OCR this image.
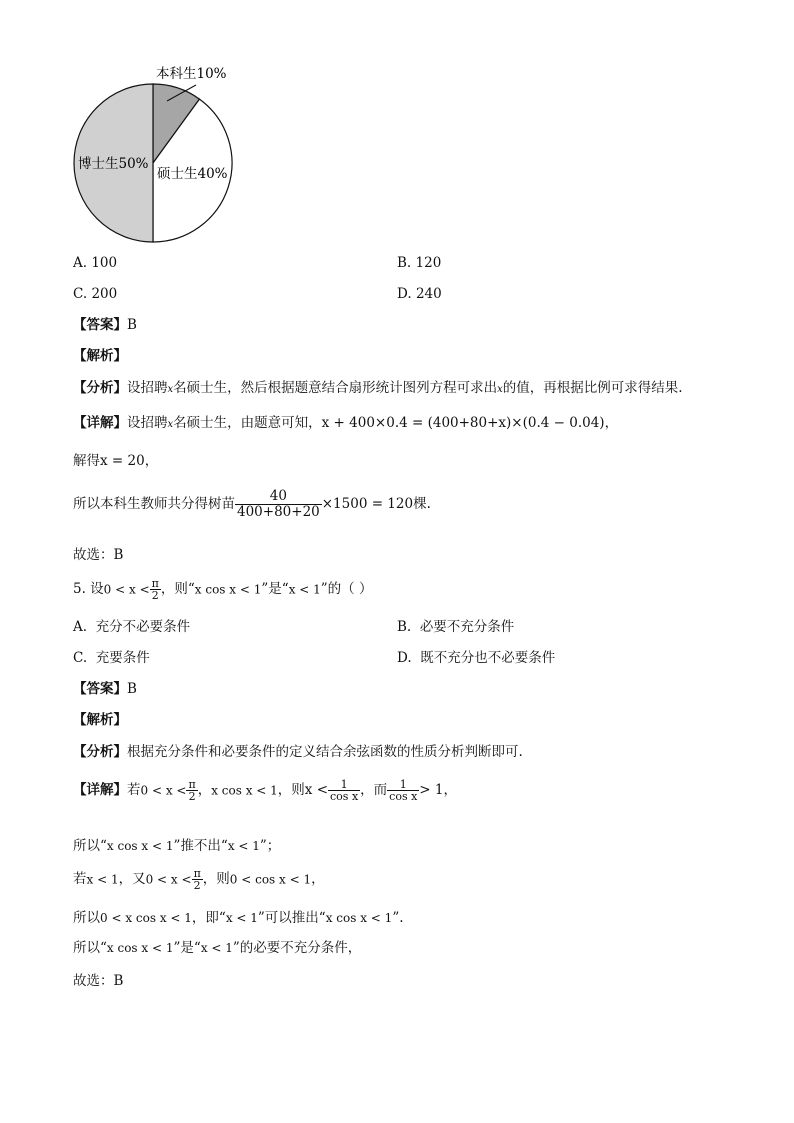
本科生10%
硕士生40%
博士生50%
A. 100	B. 120
C. 200	D. 240
【答案】B
【解析】
【分析】设招聘x名硕士生，然后根据题意结合扇形统计图列方程可求出x的值，再根据比例可求得结果.
【详解】设招聘x名硕士生，由题意可知，x + 400×0.4 = (400+80+x)×(0.4 − 0.04)，
解得x = 20，
所以本科生教师共分得树苗 $\frac{40}{400+80+20} \times 1500 = 120$棵.
故选：B
5. 设$0 < x < \frac{\pi}{2}$ ，则“x cos x < 1”是“x < 1”的（ ）
A. 充分不必要条件	B. 必要不充分条件
C. 充要条件	D. 既不充分也不必要条件
【答案】B
【解析】
【分析】根据充分条件和必要条件的定义结合余弦函数的性质分析判断即可.
【详解】若$0 < x < \frac{\pi}{2}$ ，x cos x < 1，则$x < \frac{1}{\text{cos x}}$ ，而 $\frac{1}{\text{cos x}} > 1$，
所以“x cos x < 1”推不出“x < 1”；
若x < 1，又$0 < x < \frac{\pi}{2}$ ，则0 < cos x < 1，
所以0 < x cos x < 1，即“x < 1”可以推出“x cos x < 1”.
所以“x cos x < 1”是“x < 1”的必要不充分条件，
故选：B
